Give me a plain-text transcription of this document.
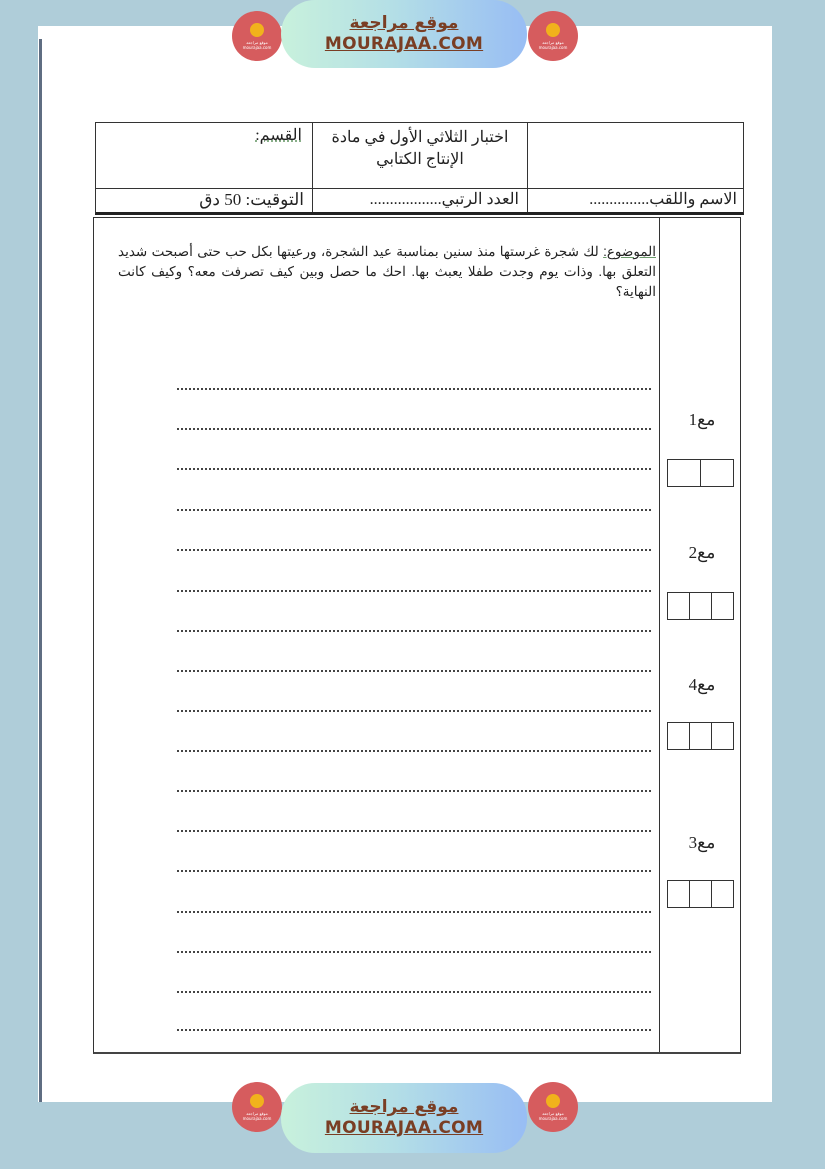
موقع مراجعة
mourajaa.com
موقع مراجعة
MOURAJAA.COM	موقع مراجعة
mourajaa.com
القسم:	اختبار الثلاثي الأول في مادة
الإنتاج الكتابي
التوقيت: 50 دق	العدد الرتبي..................	الاسم واللقب...............
الموضوع: لك شجرة غرستها منذ سنين بمناسبة عيد الشجرة، ورعيتها بكل حب حتى أصبحت شديد التعلق بها. وذات يوم وجدت طفلا يعبث بها. احك ما حصل وبين كيف تصرفت معه؟ وكيف كانت النهاية؟
مع1
مع2
مع4
مع3
موقع مراجعة
mourajaa.com
موقع مراجعة
MOURAJAA.COM
موقع مراجعة
mourajaa.com
